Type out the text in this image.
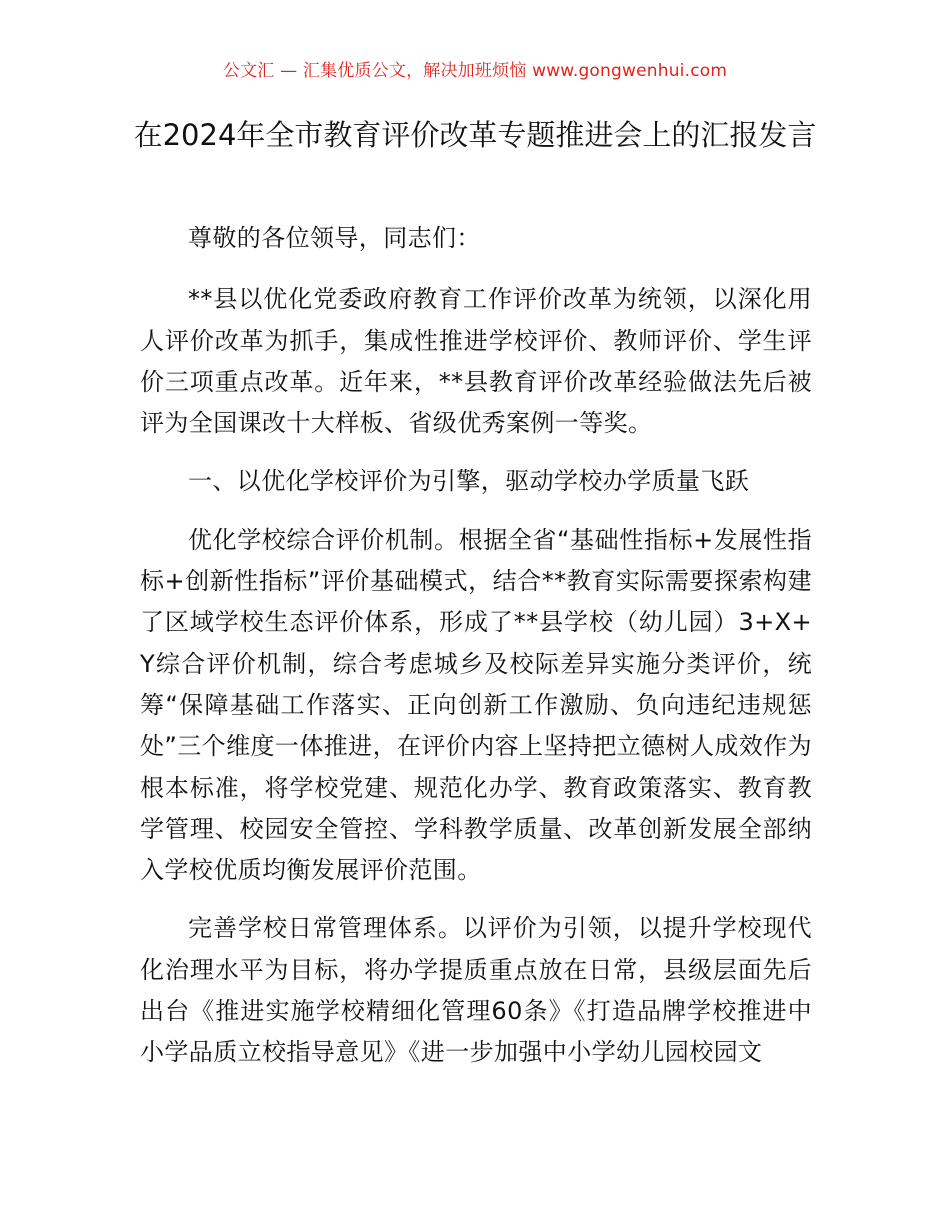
公文汇 — 汇集优质公文，解决加班烦恼 www.gongwenhui.com
在2024年全市教育评价改革专题推进会上的汇报发言

尊敬的各位领导，同志们：

**县以优化党委政府教育工作评价改革为统领，以深化用人评价改革为抓手，集成性推进学校评价、教师评价、学生评价三项重点改革。近年来，**县教育评价改革经验做法先后被评为全国课改十大样板、省级优秀案例一等奖。

一、以优化学校评价为引擎，驱动学校办学质量飞跃

优化学校综合评价机制。根据全省“基础性指标+发展性指标+创新性指标”评价基础模式，结合**教育实际需要探索构建了区域学校生态评价体系，形成了**县学校（幼儿园）3+X+Y综合评价机制，综合考虑城乡及校际差异实施分类评价，统筹“保障基础工作落实、正向创新工作激励、负向违纪违规惩处”三个维度一体推进，在评价内容上坚持把立德树人成效作为根本标准，将学校党建、规范化办学、教育政策落实、教育教学管理、校园安全管控、学科教学质量、改革创新发展全部纳入学校优质均衡发展评价范围。

完善学校日常管理体系。以评价为引领，以提升学校现代化治理水平为目标，将办学提质重点放在日常，县级层面先后出台《推进实施学校精细化管理60条》《打造品牌学校推进中小学品质立校指导意见》《进一步加强中小学幼儿园校园文
